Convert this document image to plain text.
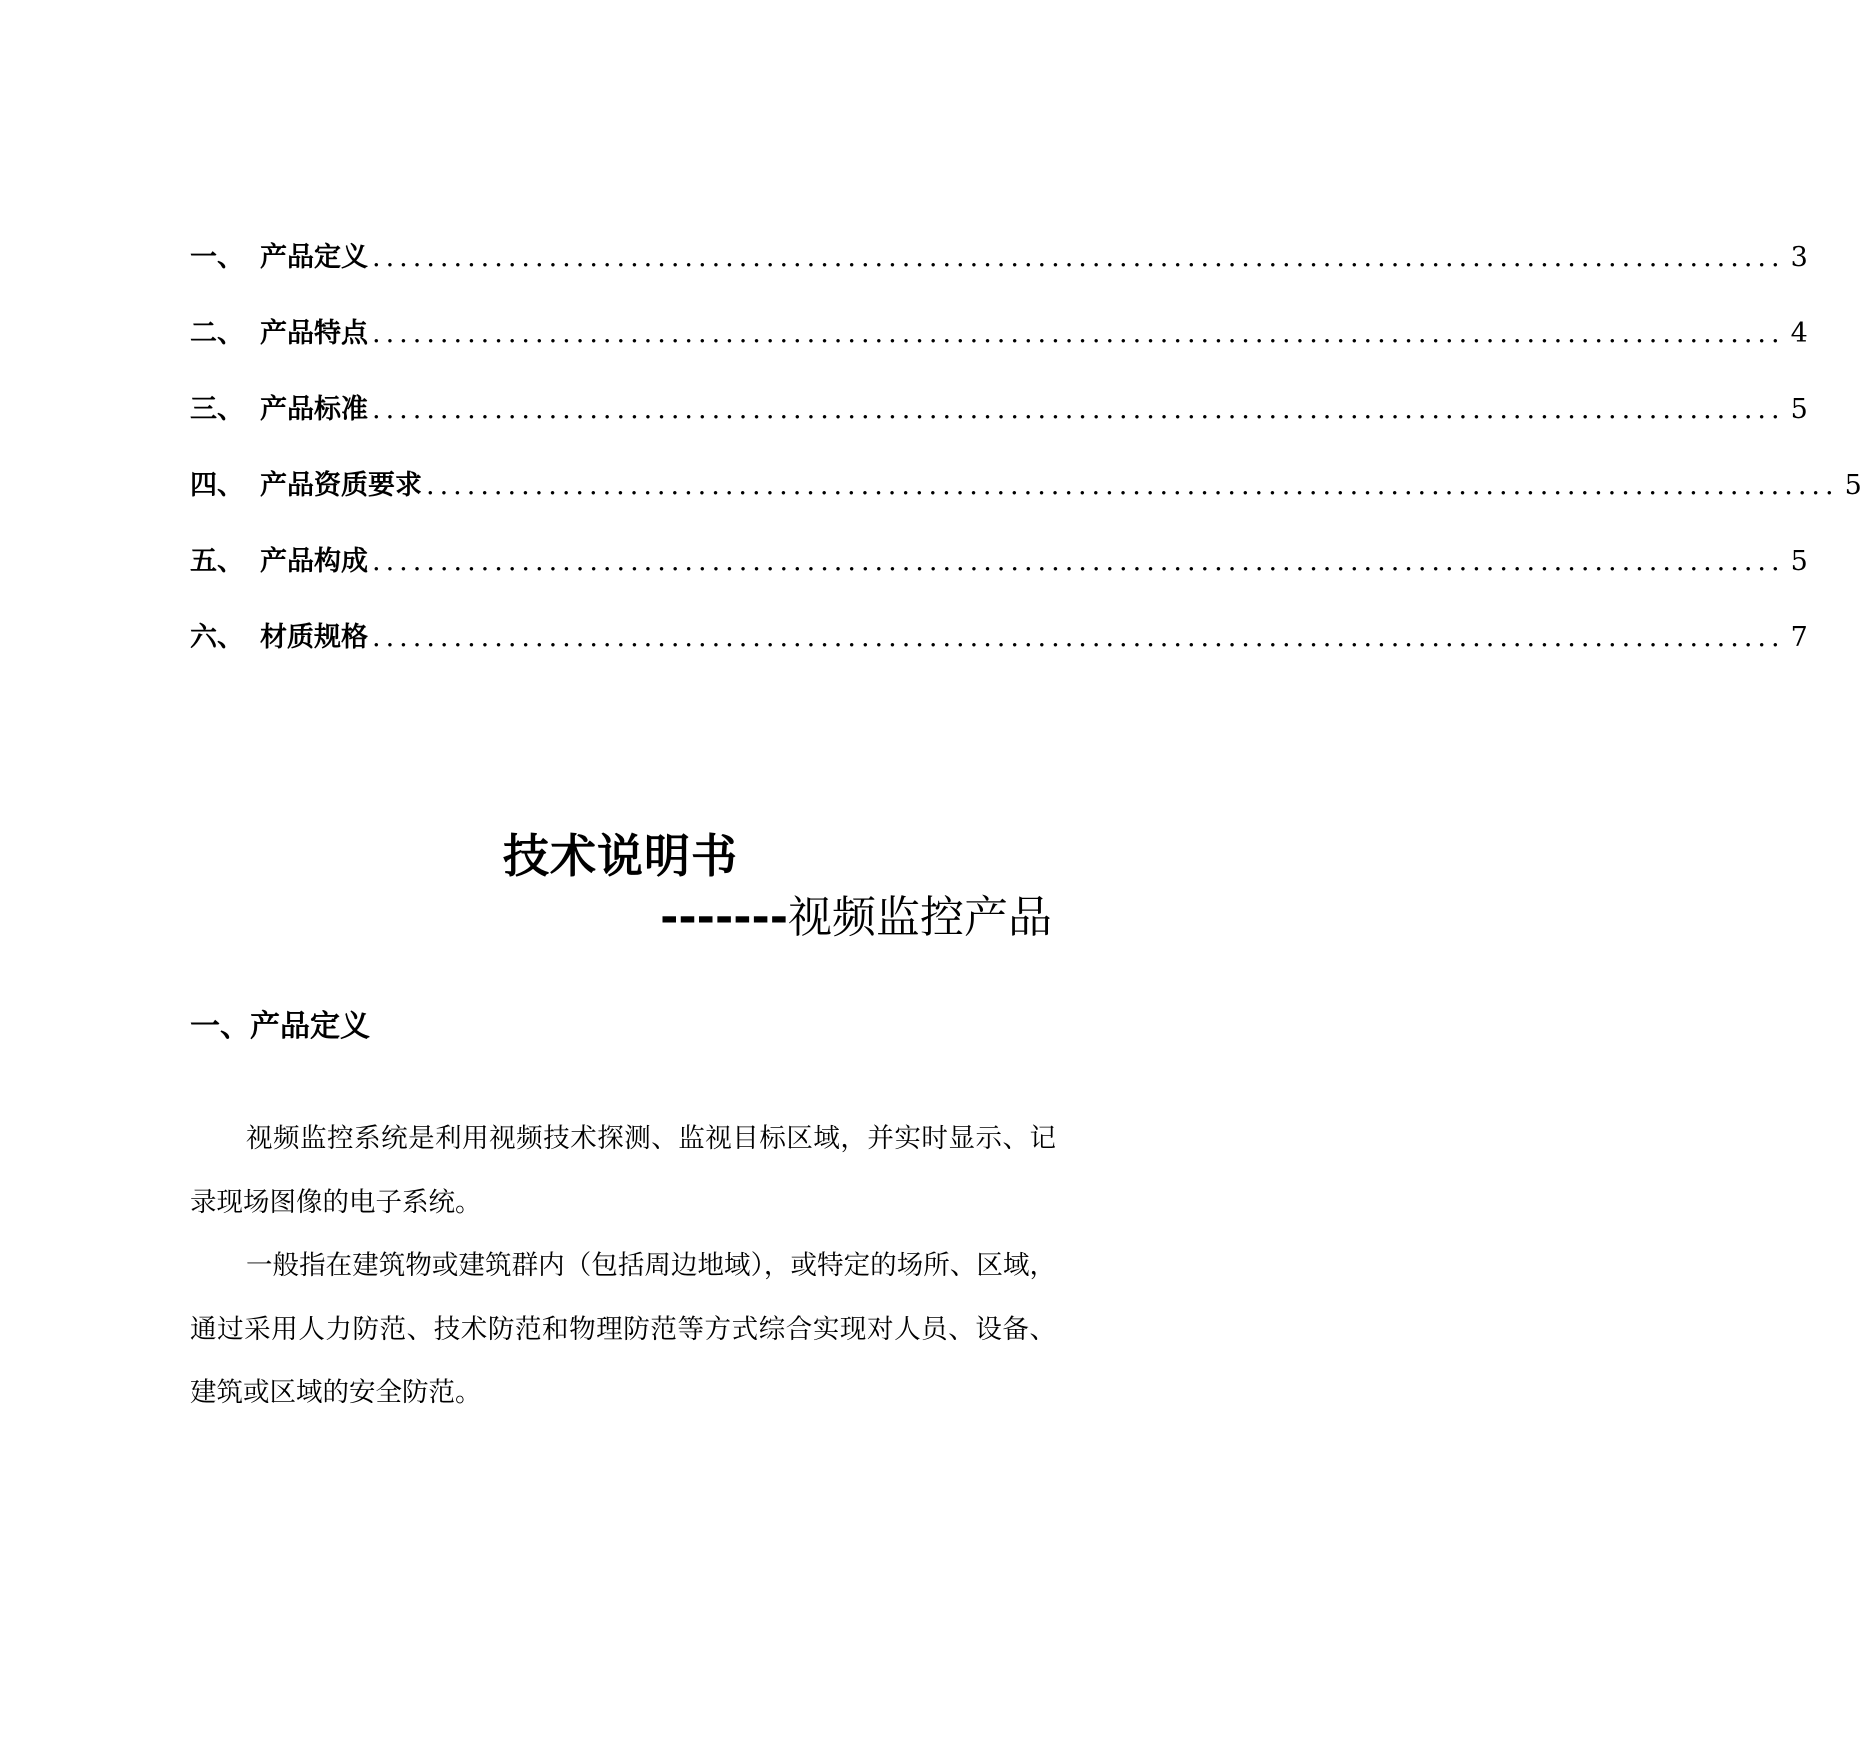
一 、 产品定义 ........................................................................................................ 3
二 、 产品特点 ........................................................................................................ 4
三 、 产品标准 ........................................................................................................ 5
四 、 产品资质要求 ........................................................................................................ 5
五 、 产品构成 ........................................................................................................ 5
六 、 材质规格 ........................................................................................................ 7
技术说明书
-------视频监控产品
一、产品定义

视频监控系统是利用视频技术探测、监视目标区域，并实时显示、记录现场图像的电子系统。

一般指在建筑物或建筑群内（包括周边地域），或特定的场所、区域，通过采用人力防范、技术防范和物理防范等方式综合实现对人员、设备、建筑或区域的安全防范。
